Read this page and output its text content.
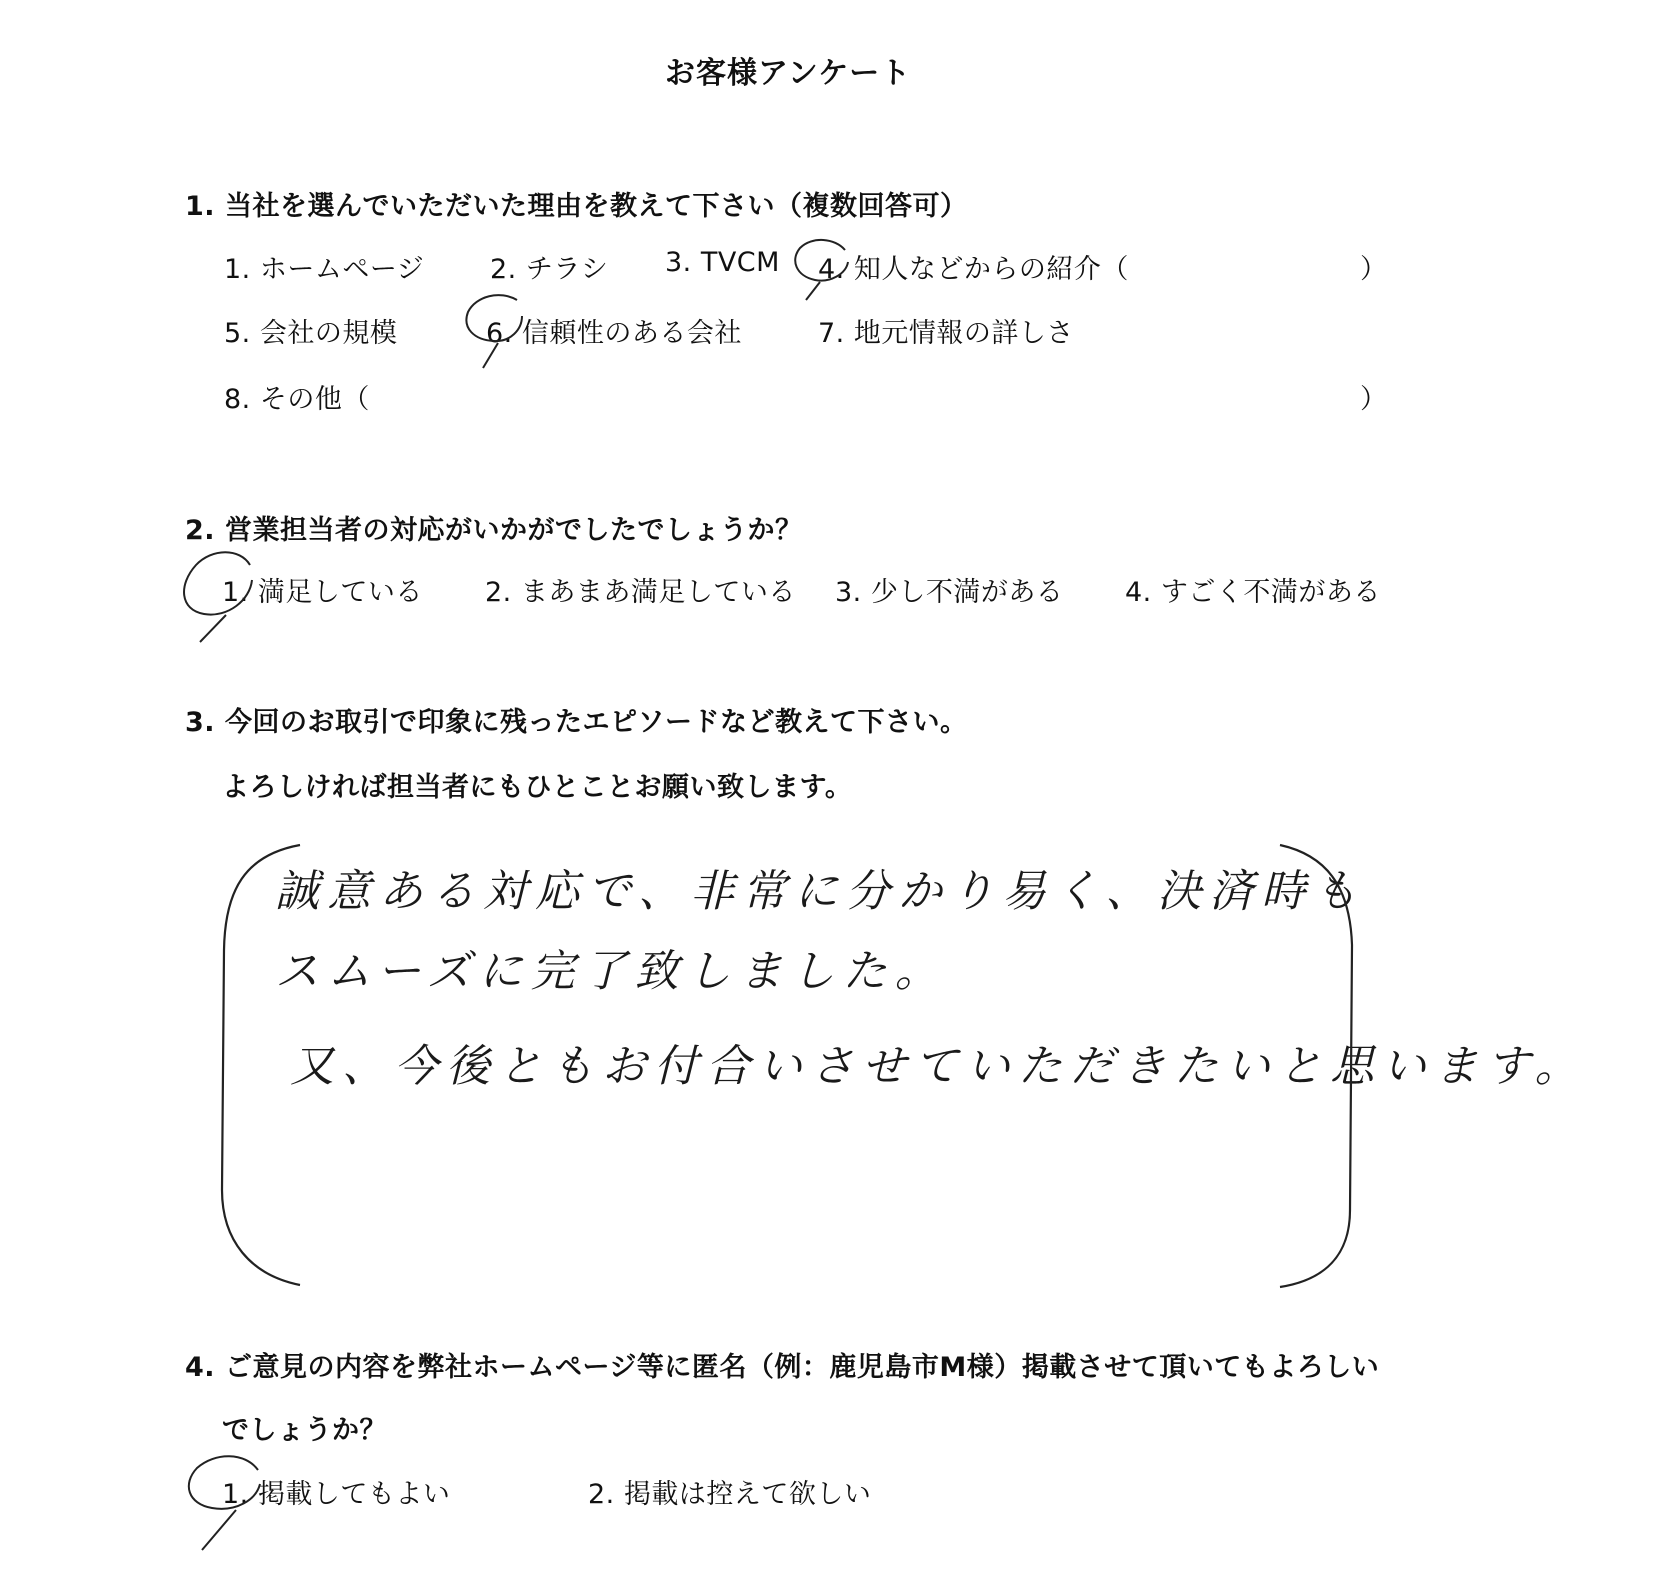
お客様アンケート
1. 当社を選んでいただいた理由を教えて下さい（複数回答可）
1. ホームページ 2. チラシ 3. TVCM 4. 知人などからの紹介（	）
5. 会社の規模	6. 信頼性のある会社	7. 地元情報の詳しさ
8. その他（	）
2. 営業担当者の対応がいかがでしたでしょうか？
1. 満足している 2. まあまあ満足している 3. 少し不満がある 4. すごく不満がある
3. 今回のお取引で印象に残ったエピソードなど教えて下さい。
よろしければ担当者にもひとことお願い致します。
誠意ある対応で、非常に分かり易く、決済時も
スムーズに完了致しました。
又、今後ともお付合いさせていただきたいと思います。
4. ご意見の内容を弊社ホームページ等に匿名（例：鹿児島市M様）掲載させて頂いてもよろしい
でしょうか？
1. 掲載してもよい	2. 掲載は控えて欲しい
